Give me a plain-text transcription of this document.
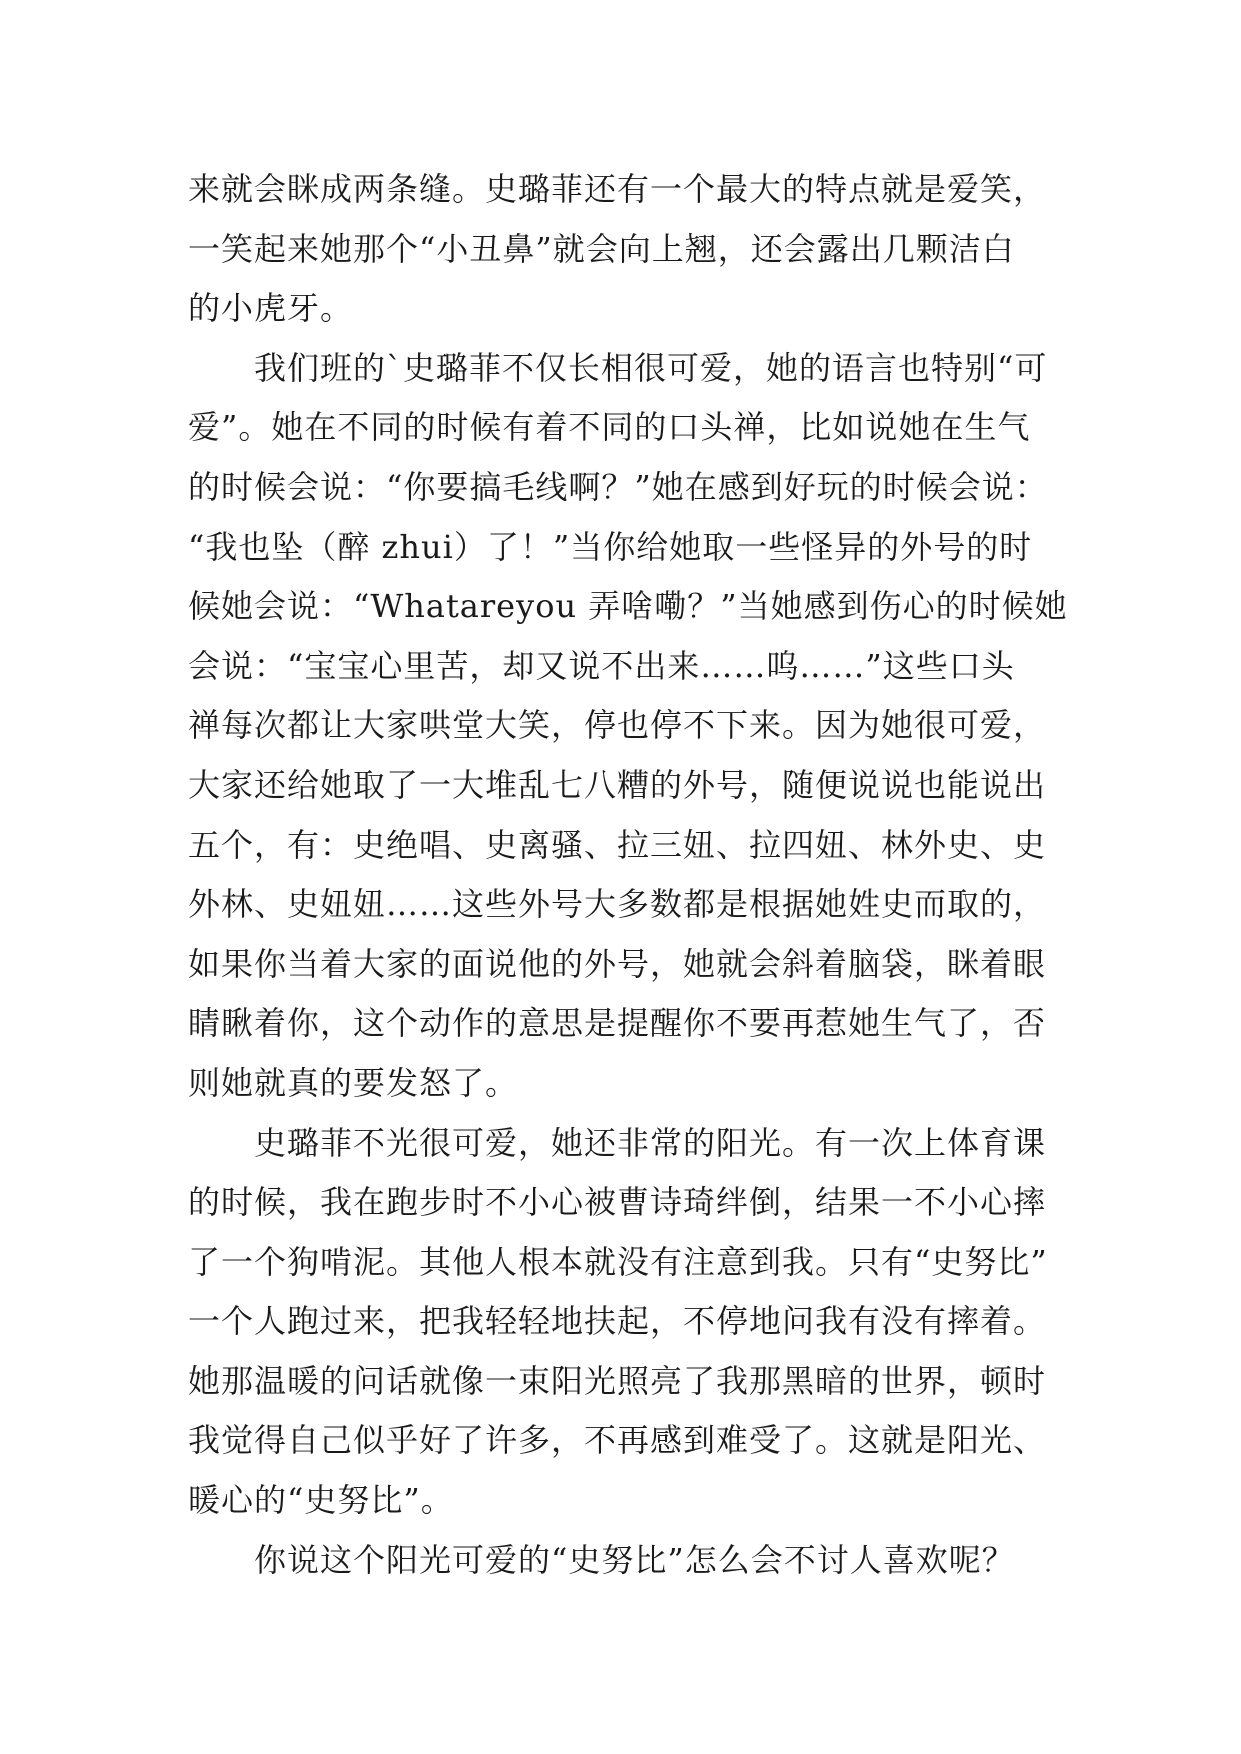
来就会眯成两条缝。史璐菲还有一个最大的特点就是爱笑，
一笑起来她那个“小丑鼻”就会向上翘，还会露出几颗洁白
的小虎牙。
我们班的`史璐菲不仅长相很可爱，她的语言也特别“可
爱”。她在不同的时候有着不同的口头禅，比如说她在生气
的时候会说：“你要搞毛线啊？”她在感到好玩的时候会说：
“我也坠（醉 zhui）了！”当你给她取一些怪异的外号的时
候她会说：“Whatareyou 弄啥嘞？”当她感到伤心的时候她
会说：“宝宝心里苦，却又说不出来……呜……”这些口头
禅每次都让大家哄堂大笑，停也停不下来。因为她很可爱，
大家还给她取了一大堆乱七八糟的外号，随便说说也能说出
五个，有：史绝唱、史离骚、拉三妞、拉四妞、林外史、史
外林、史妞妞……这些外号大多数都是根据她姓史而取的，
如果你当着大家的面说他的外号，她就会斜着脑袋，眯着眼
睛瞅着你，这个动作的意思是提醒你不要再惹她生气了，否
则她就真的要发怒了。
史璐菲不光很可爱，她还非常的阳光。有一次上体育课
的时候，我在跑步时不小心被曹诗琦绊倒，结果一不小心摔
了一个狗啃泥。其他人根本就没有注意到我。只有“史努比”
一个人跑过来，把我轻轻地扶起，不停地问我有没有摔着。
她那温暖的问话就像一束阳光照亮了我那黑暗的世界，顿时
我觉得自己似乎好了许多，不再感到难受了。这就是阳光、
暖心的“史努比”。
你说这个阳光可爱的“史努比”怎么会不讨人喜欢呢？
